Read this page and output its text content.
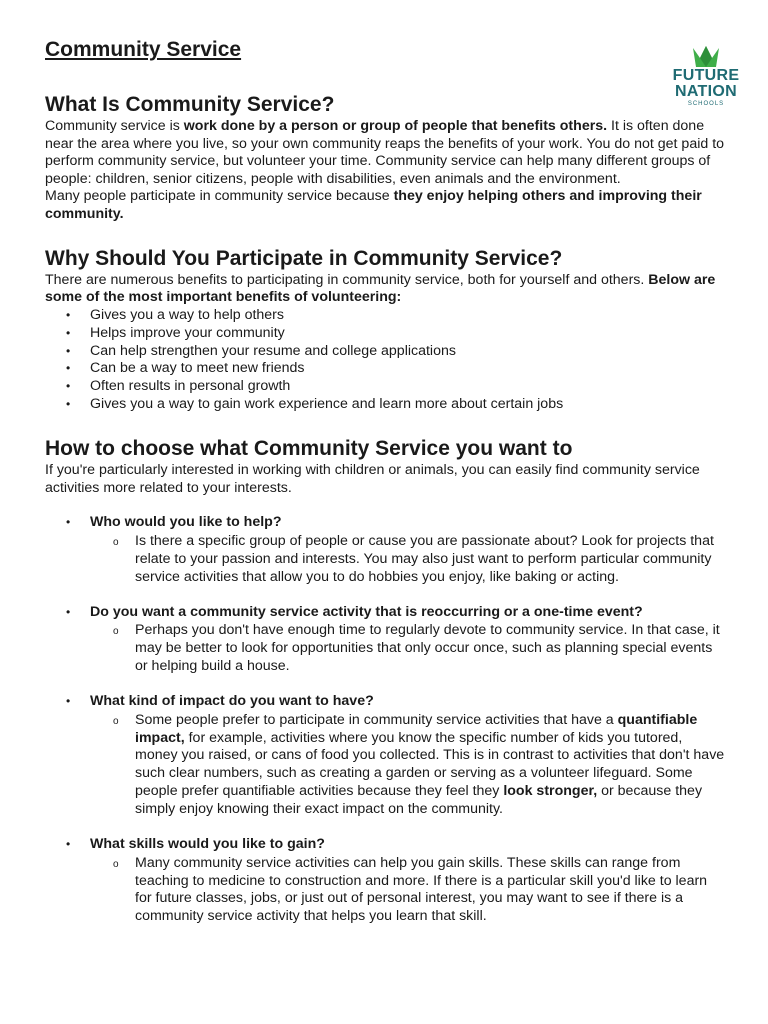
FUTURE
NATION
SCHOOLS
Community Service
What Is Community Service?

Community service is work done by a person or group of people that benefits others. It is often done near the area where you live, so your own community reaps the benefits of your work. You do not get paid to perform community service, but volunteer your time. Community service can help many different groups of people: children, senior citizens, people with disabilities, even animals and the environment.

Many people participate in community service because they enjoy helping others and improving their community.

Why Should You Participate in Community Service?

There are numerous benefits to participating in community service, both for yourself and others. Below are some of the most important benefits of volunteering:

• Gives you a way to help others
• Helps improve your community
• Can help strengthen your resume and college applications
• Can be a way to meet new friends
• Often results in personal growth
• Gives you a way to gain work experience and learn more about certain jobs
How to choose what Community Service you want to

If you're particularly interested in working with children or animals, you can easily find community service activities more related to your interests.

• Who would you like to help?
o Is there a specific group of people or cause you are passionate about? Look for projects that relate to your passion and interests. You may also just want to perform particular community service activities that allow you to do hobbies you enjoy, like baking or acting.
• Do you want a community service activity that is reoccurring or a one-time event?
o Perhaps you don't have enough time to regularly devote to community service. In that case, it may be better to look for opportunities that only occur once, such as planning special events or helping build a house.
• What kind of impact do you want to have?
o Some people prefer to participate in community service activities that have a quantifiable impact, for example, activities where you know the specific number of kids you tutored, money you raised, or cans of food you collected. This is in contrast to activities that don't have such clear numbers, such as creating a garden or serving as a volunteer lifeguard. Some people prefer quantifiable activities because they feel they look stronger, or because they simply enjoy knowing their exact impact on the community.
• What skills would you like to gain?
o Many community service activities can help you gain skills. These skills can range from teaching to medicine to construction and more. If there is a particular skill you'd like to learn for future classes, jobs, or just out of personal interest, you may want to see if there is a community service activity that helps you learn that skill.
